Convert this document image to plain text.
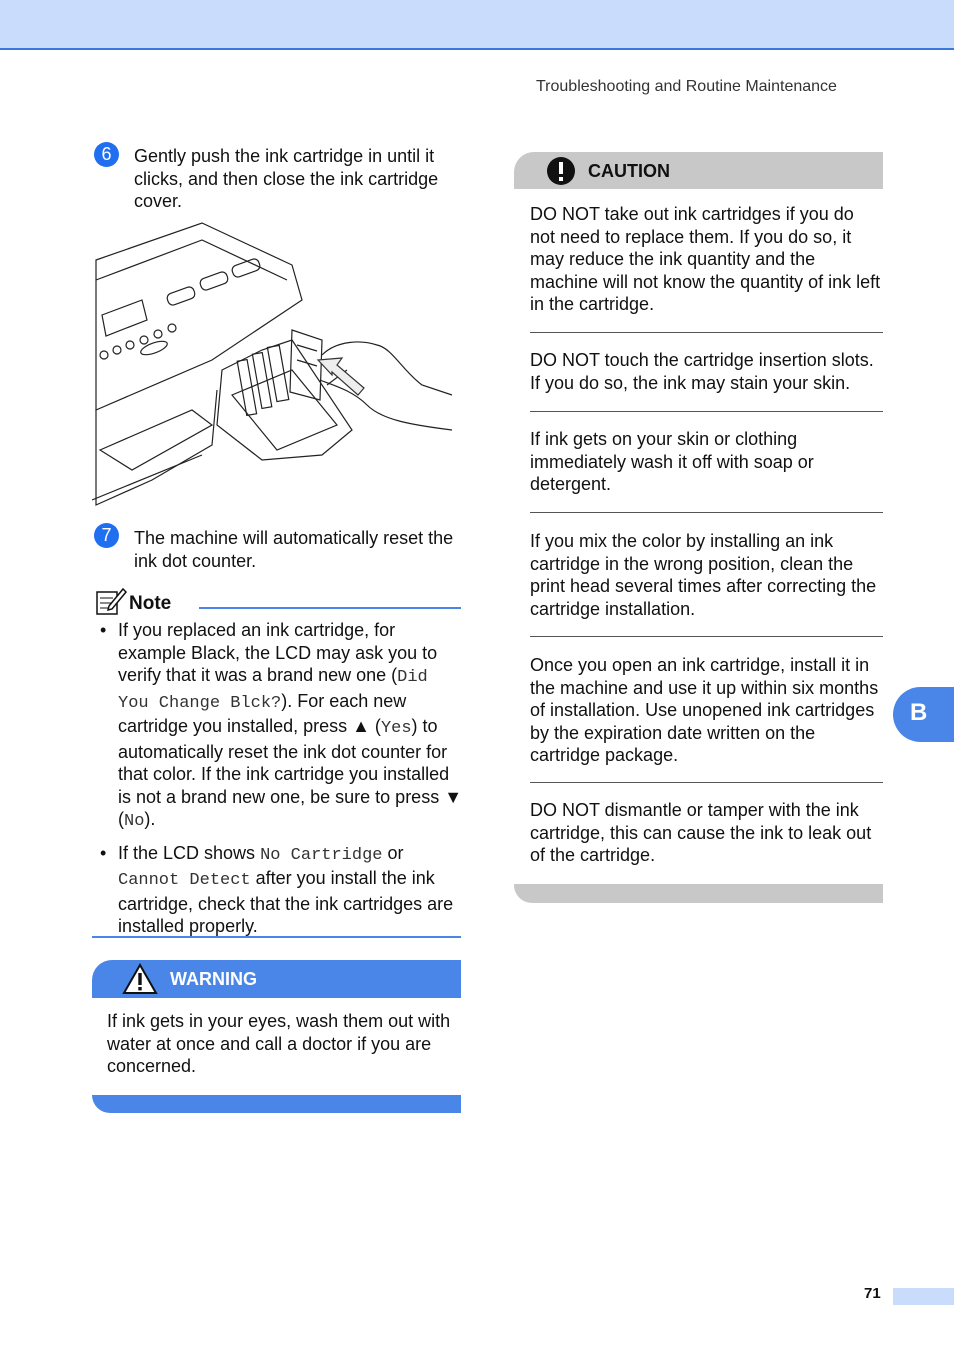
Troubleshooting and Routine Maintenance
6	Gently push the ink cartridge in until it clicks, and then close the ink cartridge cover.
7	The machine will automatically reset the ink dot counter.
Note
• If you replaced an ink cartridge, for example Black, the LCD may ask you to verify that it was a brand new one (Did You Change Blck?). For each new cartridge you installed, press ▲ (Yes) to automatically reset the ink dot counter for that color. If the ink cartridge you installed is not a brand new one, be sure to press ▼ (No).
• If the LCD shows No Cartridge or Cannot Detect after you install the ink cartridge, check that the ink cartridges are installed properly.
WARNING
If ink gets in your eyes, wash them out with water at once and call a doctor if you are concerned.
CAUTION
DO NOT take out ink cartridges if you do not need to replace them. If you do so, it may reduce the ink quantity and the machine will not know the quantity of ink left in the cartridge.
DO NOT touch the cartridge insertion slots. If you do so, the ink may stain your skin.
If ink gets on your skin or clothing immediately wash it off with soap or detergent.
If you mix the color by installing an ink cartridge in the wrong position, clean the print head several times after correcting the cartridge installation.
Once you open an ink cartridge, install it in the machine and use it up within six months of installation. Use unopened ink cartridges by the expiration date written on the cartridge package.
DO NOT dismantle or tamper with the ink cartridge, this can cause the ink to leak out of the cartridge.
B
71
